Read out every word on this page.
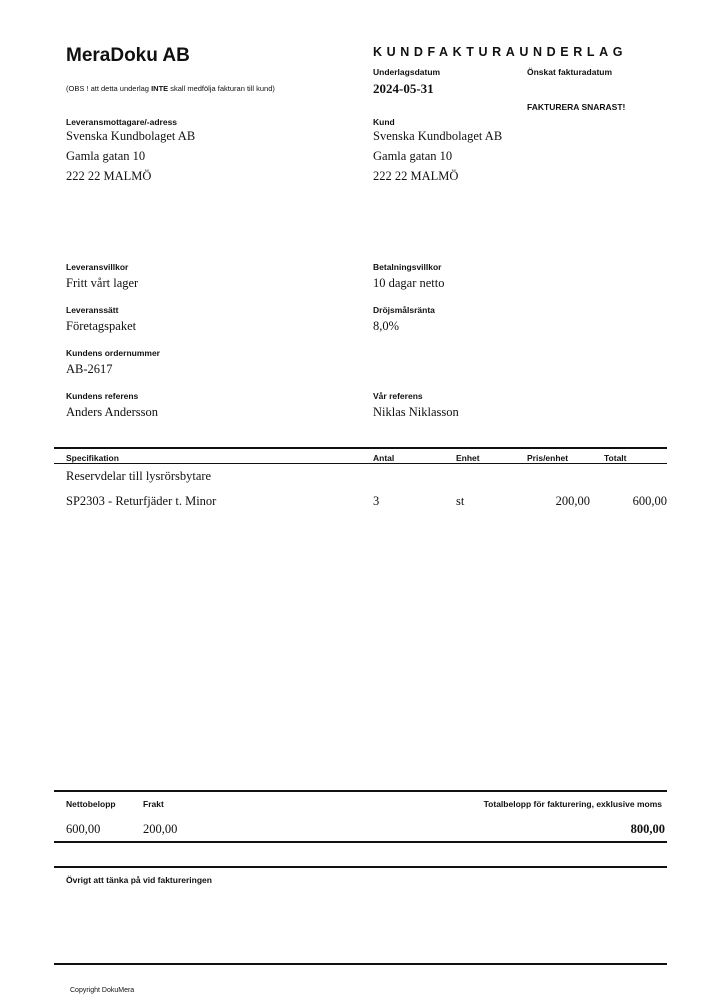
MeraDoku AB
(OBS ! att detta underlag INTE skall medfölja fakturan till kund)
KUNDFAKTURAUNDERLAG
Underlagsdatum
2024-05-31
Önskat fakturadatum
FAKTURERA SNARAST!
Leveransmottagare/-adress
Svenska Kundbolaget AB
Gamla gatan 10
222 22 MALMÖ
Kund
Svenska Kundbolaget AB
Gamla gatan 10
222 22 MALMÖ
Leveransvillkor
Fritt vårt lager
Betalningsvillkor
10 dagar netto
Leveranssätt
Företagspaket
Dröjsmålsränta
8,0%
Kundens ordernummer
AB-2617
Kundens referens
Anders Andersson
Vår referens
Niklas Niklasson
Specifikation	Antal	Enhet	Pris/enhet	Totalt
Reservdelar till lysrörsbytare
SP2303 - Returfjäder t. Minor	3	st	200,00	600,00
Nettobelopp	Frakt	Totalbelopp för fakturering, exklusive moms
600,00	200,00	800,00
Övrigt att tänka på vid faktureringen
Copyright DokuMera
